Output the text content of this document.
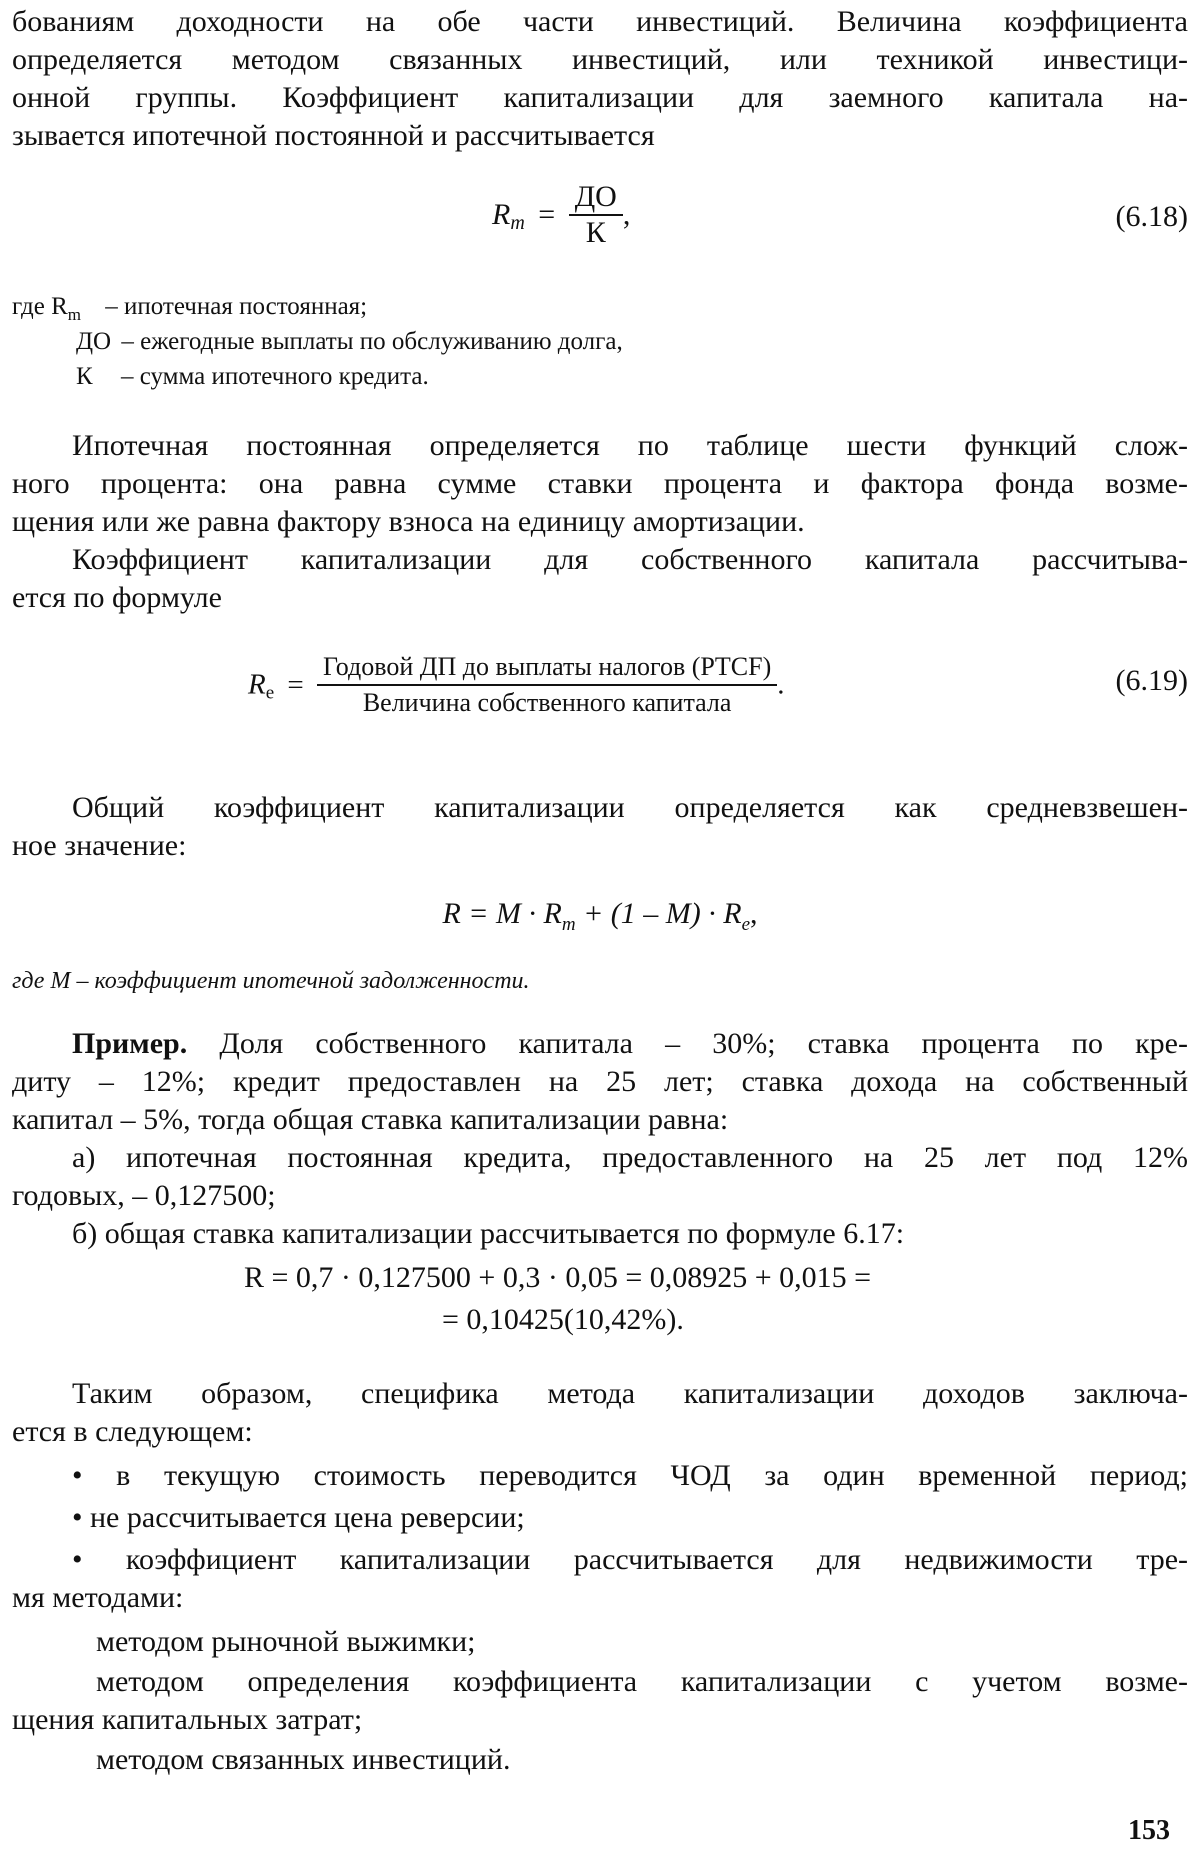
бованиям доходности на обе части инвестиций. Величина коэффициента
определяется методом связанных инвестиций, или техникой инвестици-
онной группы. Коэффициент капитализации для заемного капитала на-
зывается ипотечной постоянной и рассчитывается
$R_m = \frac{ДО}{К}$ ,	(6.18)
где $R_m$ – ипотечная постоянная;
ДО – ежегодные выплаты по обслуживанию долга,
К – сумма ипотечного кредита.
Ипотечная постоянная определяется по таблице шести функций слож-
ного процента: она равна сумме ставки процента и фактора фонда возме-
щения или же равна фактору взноса на единицу амортизации.
Коэффициент капитализации для собственного капитала рассчитыва-
ется по формуле
$R_e = \frac{\text{Годовой ДП до выплаты налогов (PTCF)}}{\text{Величина собственного капитала}}$ .	(6.19)
Общий коэффициент капитализации определяется как средневзвешен-
ное значение:
$R = M \cdot R_m + (1 - M) \cdot R_e$,
где M – коэффициент ипотечной задолженности.
Пример. Доля собственного капитала – 30%; ставка процента по кре-
диту – 12%; кредит предоставлен на 25 лет; ставка дохода на собственный
капитал – 5%, тогда общая ставка капитализации равна:
а) ипотечная постоянная кредита, предоставленного на 25 лет под 12%
годовых, – 0,127500;
б) общая ставка капитализации рассчитывается по формуле 6.17:
R = 0,7 · 0,127500 + 0,3 · 0,05 = 0,08925 + 0,015 =
= 0,10425(10,42%).
Таким образом, специфика метода капитализации доходов заключа-
ется в следующем:
• в текущую стоимость переводится ЧОД за один временной период;
• не рассчитывается цена реверсии;
• коэффициент капитализации рассчитывается для недвижимости тре-
мя методами:
методом рыночной выжимки;
методом определения коэффициента капитализации с учетом возме-
щения капитальных затрат;
методом связанных инвестиций.
153
